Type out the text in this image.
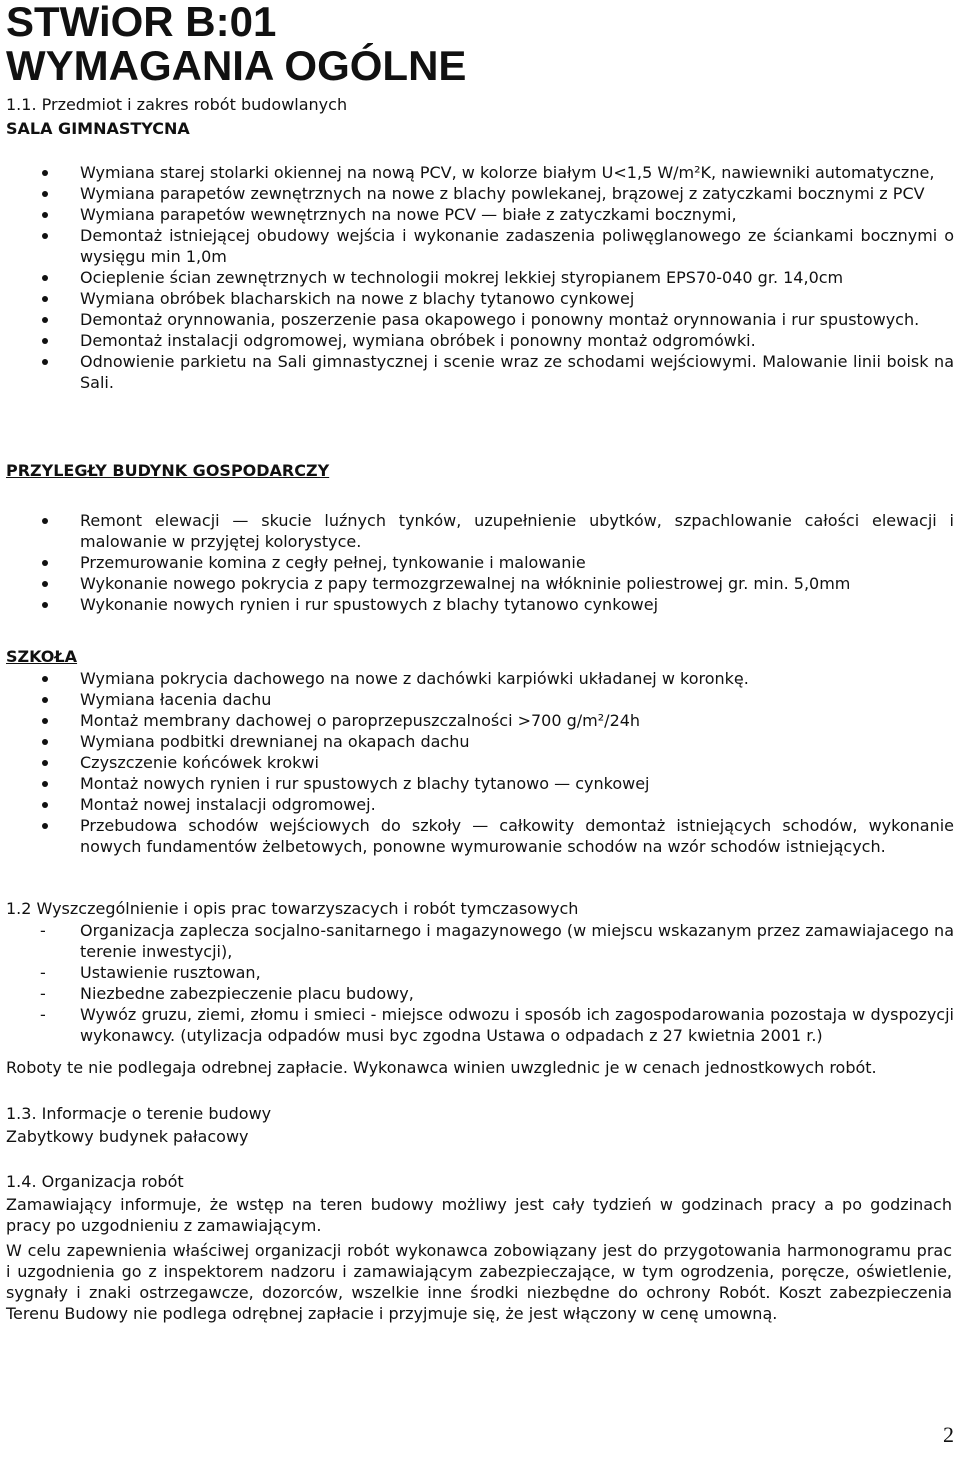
STWiOR B:01
WYMAGANIA OGÓLNE
1.1. Przedmiot i zakres robót budowlanych
SALA GIMNASTYCNA
Wymiana starej stolarki okiennej na nową PCV, w kolorze białym U<1,5 W/m²K, nawiewniki automatyczne,
Wymiana parapetów zewnętrznych na nowe z blachy powlekanej, brązowej z zatyczkami bocznymi z PCV
Wymiana parapetów wewnętrznych na nowe PCV — białe z zatyczkami bocznymi,
Demontaż istniejącej obudowy wejścia i wykonanie zadaszenia poliwęglanowego ze ściankami bocznymi o wysięgu min 1,0m
Ocieplenie ścian zewnętrznych w technologii mokrej lekkiej styropianem EPS70-040 gr. 14,0cm
Wymiana obróbek blacharskich na nowe z blachy tytanowo cynkowej
Demontaż orynnowania, poszerzenie pasa okapowego i ponowny montaż orynnowania i rur spustowych.
Demontaż instalacji odgromowej, wymiana obróbek i ponowny montaż odgromówki.
Odnowienie parkietu na Sali gimnastycznej i scenie wraz ze schodami wejściowymi. Malowanie linii boisk na Sali.
PRZYLEGŁY BUDYNK GOSPODARCZY
Remont elewacji — skucie luźnych tynków, uzupełnienie ubytków, szpachlowanie całości elewacji i malowanie w przyjętej kolorystyce.
Przemurowanie komina z cegły pełnej, tynkowanie i malowanie
Wykonanie nowego pokrycia z papy termozgrzewalnej na włókninie poliestrowej gr. min. 5,0mm
Wykonanie nowych rynien i rur spustowych z blachy tytanowo cynkowej
SZKOŁA
Wymiana pokrycia dachowego na nowe z dachówki karpiówki układanej w koronkę.
Wymiana łacenia dachu
Montaż membrany dachowej o paroprzepuszczalności >700 g/m²/24h
Wymiana podbitki drewnianej na okapach dachu
Czyszczenie końcówek krokwi
Montaż nowych rynien i rur spustowych z blachy tytanowo — cynkowej
Montaż nowej instalacji odgromowej.
Przebudowa schodów wejściowych do szkoły — całkowity demontaż istniejących schodów, wykonanie nowych fundamentów żelbetowych, ponowne wymurowanie schodów na wzór schodów istniejących.
1.2 Wyszczególnienie i opis prac towarzyszacych i robót tymczasowych
- Organizacja zaplecza socjalno-sanitarnego i magazynowego (w miejscu wskazanym przez zamawiajacego na terenie inwestycji),
- Ustawienie rusztowan,
- Niezbedne zabezpieczenie placu budowy,
- Wywóz gruzu, ziemi, złomu i smieci - miejsce odwozu i sposób ich zagospodarowania pozostaja w dyspozycji wykonawcy. (utylizacja odpadów musi byc zgodna Ustawa o odpadach z 27 kwietnia 2001 r.)
Roboty te nie podlegaja odrebnej zapłacie. Wykonawca winien uwzglednic je w cenach jednostkowych robót.
1.3. Informacje o terenie budowy
Zabytkowy budynek pałacowy
1.4. Organizacja robót
Zamawiający informuje, że wstęp na teren budowy możliwy jest cały tydzień w godzinach pracy a po godzinach pracy po uzgodnieniu z zamawiającym.
W celu zapewnienia właściwej organizacji robót wykonawca zobowiązany jest do przygotowania harmonogramu prac i uzgodnienia go z inspektorem nadzoru i zamawiającym zabezpieczające, w tym ogrodzenia, poręcze, oświetlenie, sygnały i znaki ostrzegawcze, dozorców, wszelkie inne środki niezbędne do ochrony Robót. Koszt zabezpieczenia Terenu Budowy nie podlega odrębnej zapłacie i przyjmuje się, że jest włączony w cenę umowną.
2
